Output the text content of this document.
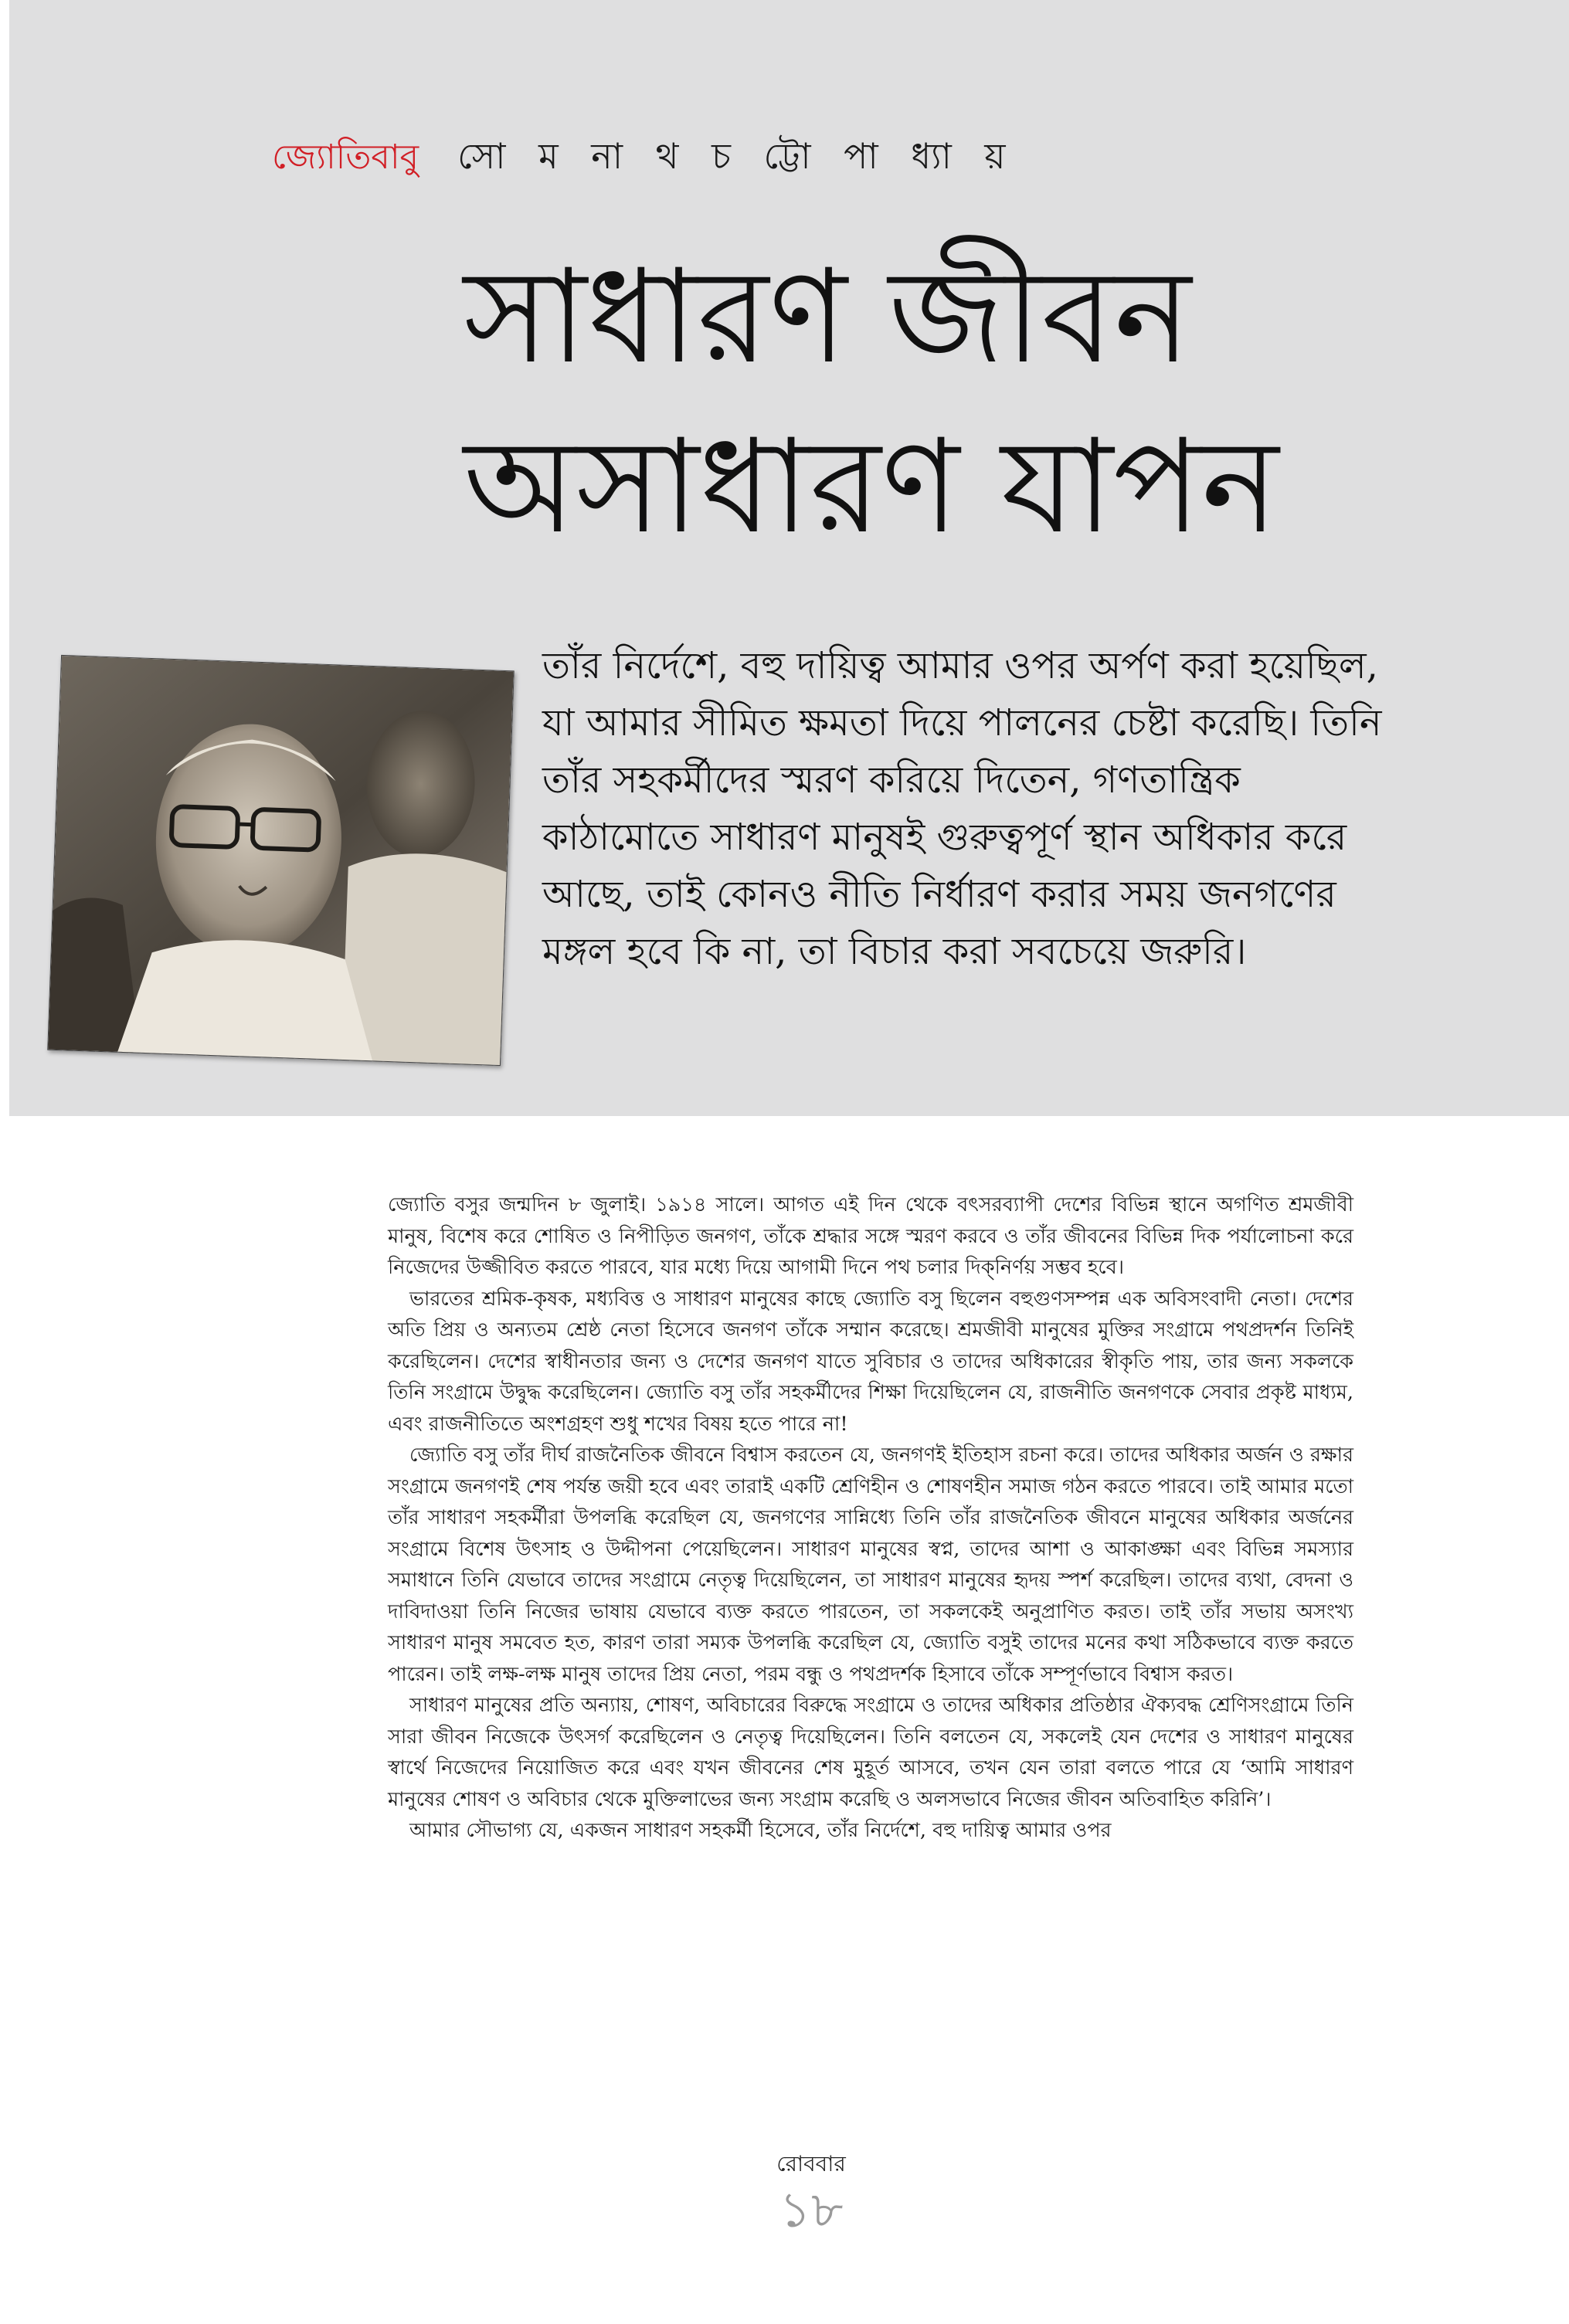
জ্যোতিবাবু সো ম না থ চ ট্টো পা ধ্যা য়
সাধারণ জীবন
অসাধারণ যাপন
তাঁর নির্দেশে, বহু দায়িত্ব আমার ওপর অর্পণ করা হয়েছিল, যা আমার সীমিত ক্ষমতা দিয়ে পালনের চেষ্টা করেছি। তিনি তাঁর সহকর্মীদের স্মরণ করিয়ে দিতেন, গণতান্ত্রিক কাঠামোতে সাধারণ মানুষই গুরুত্বপূর্ণ স্থান অধিকার করে আছে, তাই কোনও নীতি নির্ধারণ করার সময় জনগণের মঙ্গল হবে কি না, তা বিচার করা সবচেয়ে জরুরি।

জ্যোতি বসুর জন্মদিন ৮ জুলাই। ১৯১৪ সালে। আগত এই দিন থেকে বৎসরব্যাপী দেশের বিভিন্ন স্থানে অগণিত শ্রমজীবী মানুষ, বিশেষ করে শোষিত ও নিপীড়িত জনগণ, তাঁকে শ্রদ্ধার সঙ্গে স্মরণ করবে ও তাঁর জীবনের বিভিন্ন দিক পর্যালোচনা করে নিজেদের উজ্জীবিত করতে পারবে, যার মধ্যে দিয়ে আগামী দিনে পথ চলার দিক্‌নির্ণয় সম্ভব হবে।

ভারতের শ্রমিক-কৃষক, মধ্যবিত্ত ও সাধারণ মানুষের কাছে জ্যোতি বসু ছিলেন বহুগুণসম্পন্ন এক অবিসংবাদী নেতা। দেশের অতি প্রিয় ও অন্যতম শ্রেষ্ঠ নেতা হিসেবে জনগণ তাঁকে সম্মান করেছে। শ্রমজীবী মানুষের মুক্তির সংগ্রামে পথপ্রদর্শন তিনিই করেছিলেন। দেশের স্বাধীনতার জন্য ও দেশের জনগণ যাতে সুবিচার ও তাদের অধিকারের স্বীকৃতি পায়, তার জন্য সকলকে তিনি সংগ্রামে উদ্বুদ্ধ করেছিলেন। জ্যোতি বসু তাঁর সহকর্মীদের শিক্ষা দিয়েছিলেন যে, রাজনীতি জনগণকে সেবার প্রকৃষ্ট মাধ্যম, এবং রাজনীতিতে অংশগ্রহণ শুধু শখের বিষয় হতে পারে না!

জ্যোতি বসু তাঁর দীর্ঘ রাজনৈতিক জীবনে বিশ্বাস করতেন যে, জনগণই ইতিহাস রচনা করে। তাদের অধিকার অর্জন ও রক্ষার সংগ্রামে জনগণই শেষ পর্যন্ত জয়ী হবে এবং তারাই একটি শ্রেণিহীন ও শোষণহীন সমাজ গঠন করতে পারবে। তাই আমার মতো তাঁর সাধারণ সহকর্মীরা উপলব্ধি করেছিল যে, জনগণের সান্নিধ্যে তিনি তাঁর রাজনৈতিক জীবনে মানুষের অধিকার অর্জনের সংগ্রামে বিশেষ উৎসাহ ও উদ্দীপনা পেয়েছিলেন। সাধারণ মানুষের স্বপ্ন, তাদের আশা ও আকাঙ্ক্ষা এবং বিভিন্ন সমস্যার সমাধানে তিনি যেভাবে তাদের সংগ্রামে নেতৃত্ব দিয়েছিলেন, তা সাধারণ মানুষের হৃদয় স্পর্শ করেছিল। তাদের ব্যথা, বেদনা ও দাবিদাওয়া তিনি নিজের ভাষায় যেভাবে ব্যক্ত করতে পারতেন, তা সকলকেই অনুপ্রাণিত করত। তাই তাঁর সভায় অসংখ্য সাধারণ মানুষ সমবেত হত, কারণ তারা সম্যক উপলব্ধি করেছিল যে, জ্যোতি বসুই তাদের মনের কথা সঠিকভাবে ব্যক্ত করতে পারেন। তাই লক্ষ-লক্ষ মানুষ তাদের প্রিয় নেতা, পরম বন্ধু ও পথপ্রদর্শক হিসাবে তাঁকে সম্পূর্ণভাবে বিশ্বাস করত।

সাধারণ মানুষের প্রতি অন্যায়, শোষণ, অবিচারের বিরুদ্ধে সংগ্রামে ও তাদের অধিকার প্রতিষ্ঠার ঐক্যবদ্ধ শ্রেণিসংগ্রামে তিনি সারা জীবন নিজেকে উৎসর্গ করেছিলেন ও নেতৃত্ব দিয়েছিলেন। তিনি বলতেন যে, সকলেই যেন দেশের ও সাধারণ মানুষের স্বার্থে নিজেদের নিয়োজিত করে এবং যখন জীবনের শেষ মুহূর্ত আসবে, তখন যেন তারা বলতে পারে যে ‘আমি সাধারণ মানুষের শোষণ ও অবিচার থেকে মুক্তিলাভের জন্য সংগ্রাম করেছি ও অলসভাবে নিজের জীবন অতিবাহিত করিনি’।

আমার সৌভাগ্য যে, একজন সাধারণ সহকর্মী হিসেবে, তাঁর নির্দেশে, বহু দায়িত্ব আমার ওপর

রোববার
১৮
